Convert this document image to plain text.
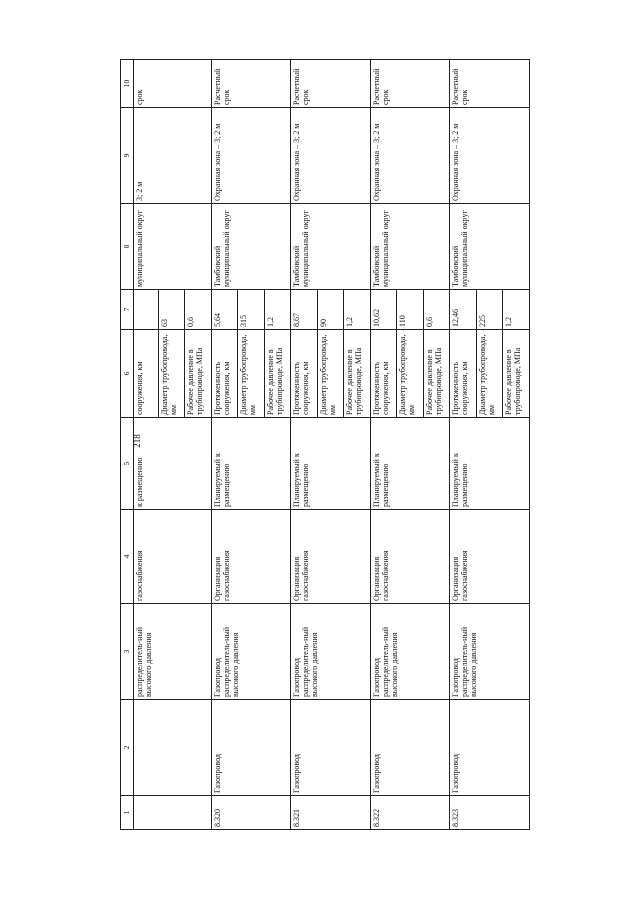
218
1	2	3	4	5	6	7	8	9	10
		распределитель-ный высокого давления	газоснабжения	к размещению	сооружения, км		муниципальный округ	3; 2 м	срок
					Диаметр трубопровода, мм	63			
					Рабочее давление в трубопроводе, МПа	0,6			
8.320	Газопровод	Газопровод распределитель-ный высокого давления	Организация газоснабжения	Планируемый к размещению	Протяженность сооружения, км	5,64	Тамбовский муниципальный округ	Охранная зона – 3; 2 м	Расчетный срок
					Диаметр трубопровода, мм	315			
					Рабочее давление в трубопроводе, МПа	1,2			
8.321	Газопровод	Газопровод распределитель-ный высокого давления	Организация газоснабжения	Планируемый к размещению	Протяженность сооружения, км	8,67	Тамбовский муниципальный округ	Охранная зона – 3; 2 м	Расчетный срок
					Диаметр трубопровода, мм	90			
					Рабочее давление в трубопроводе, МПа	1,2			
8.322	Газопровод	Газопровод распределитель-ный высокого давления	Организация газоснабжения	Планируемый к размещению	Протяженность сооружения, км	10,62	Тамбовский муниципальный округ	Охранная зона – 3; 2 м	Расчетный срок
					Диаметр трубопровода, мм	110			
					Рабочее давление в трубопроводе, МПа	0,6			
8.323	Газопровод	Газопровод распределитель-ный высокого давления	Организация газоснабжения	Планируемый к размещению	Протяженность сооружения, км	12,46	Тамбовский муниципальный округ	Охранная зона – 3; 2 м	Расчетный срок
					Диаметр трубопровода, мм	225			
					Рабочее давление в трубопроводе, МПа	1,2			
